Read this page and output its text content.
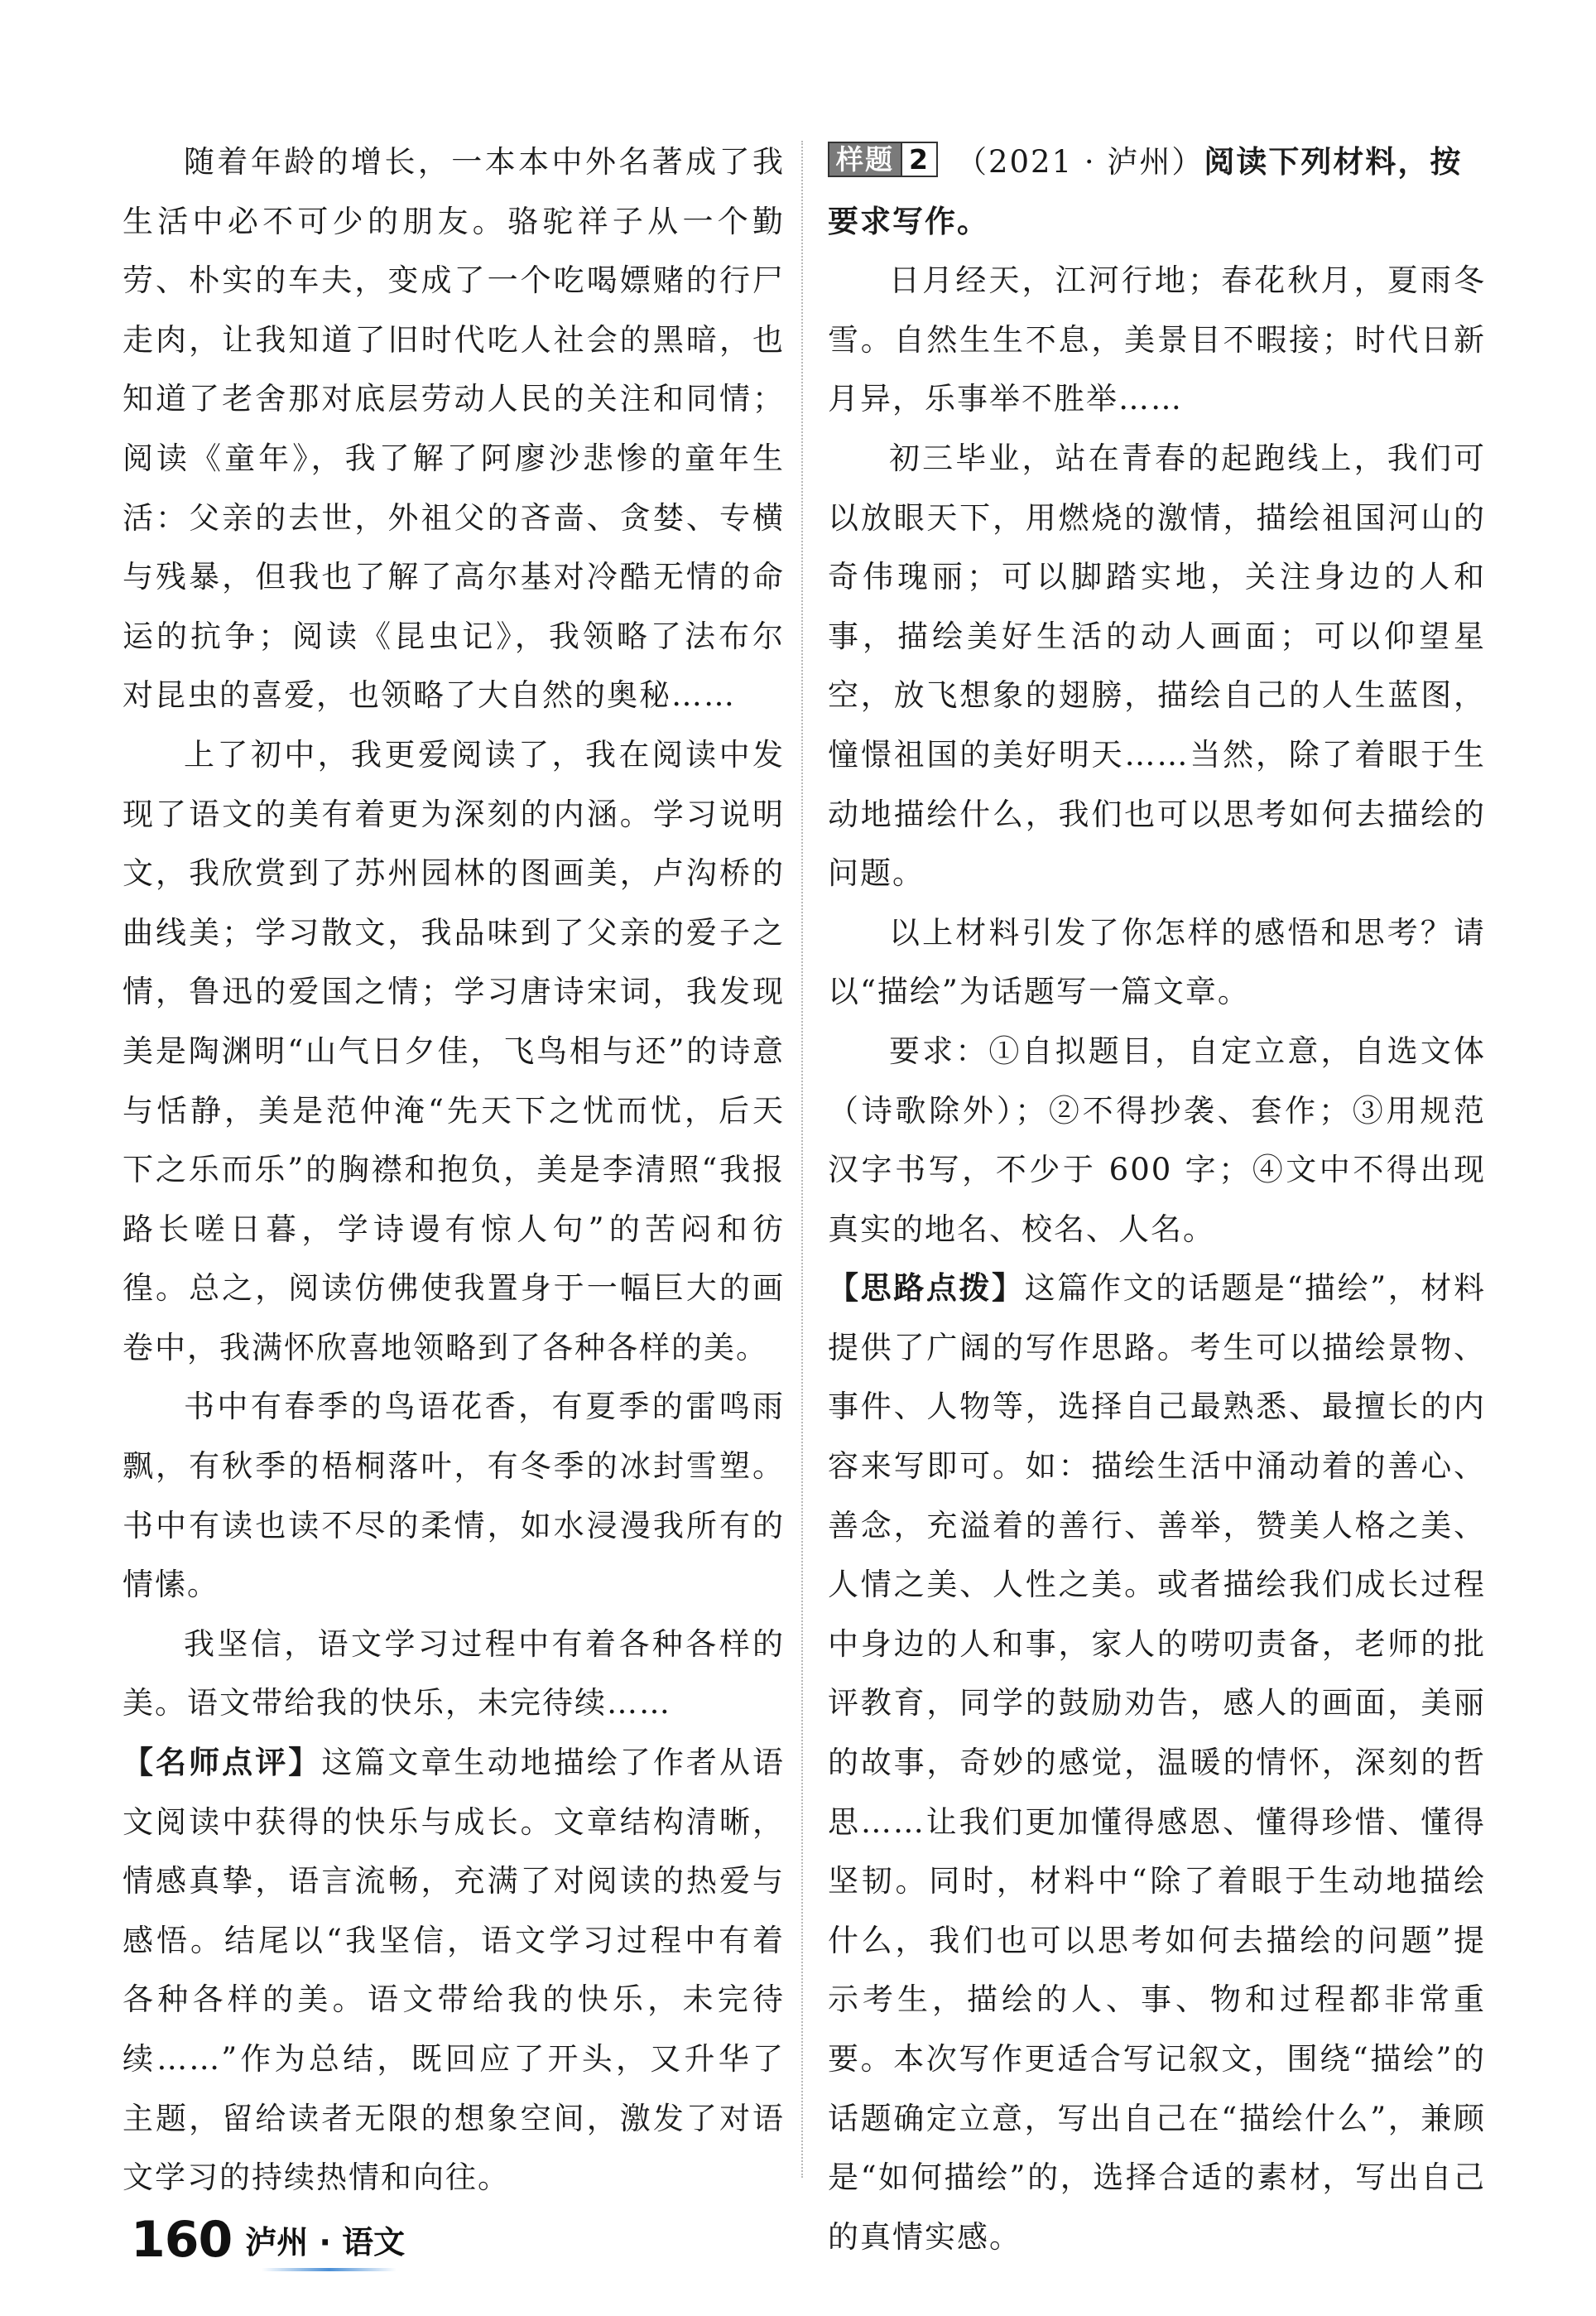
随着年龄的增长，一本本中外名著成了我生活中必不可少的朋友。骆驼祥子从一个勤劳、朴实的车夫，变成了一个吃喝嫖赌的行尸走肉，让我知道了旧时代吃人社会的黑暗，也知道了老舍那对底层劳动人民的关注和同情；阅读《童年》，我了解了阿廖沙悲惨的童年生活：父亲的去世，外祖父的吝啬、贪婪、专横与残暴，但我也了解了高尔基对冷酷无情的命运的抗争；阅读《昆虫记》，我领略了法布尔对昆虫的喜爱，也领略了大自然的奥秘……

上了初中，我更爱阅读了，我在阅读中发现了语文的美有着更为深刻的内涵。学习说明文，我欣赏到了苏州园林的图画美，卢沟桥的曲线美；学习散文，我品味到了父亲的爱子之情，鲁迅的爱国之情；学习唐诗宋词，我发现美是陶渊明“山气日夕佳，飞鸟相与还”的诗意与恬静，美是范仲淹“先天下之忧而忧，后天下之乐而乐”的胸襟和抱负，美是李清照“我报路长嗟日暮，学诗谩有惊人句”的苦闷和彷徨。总之，阅读仿佛使我置身于一幅巨大的画卷中，我满怀欣喜地领略到了各种各样的美。

书中有春季的鸟语花香，有夏季的雷鸣雨飘，有秋季的梧桐落叶，有冬季的冰封雪塑。书中有读也读不尽的柔情，如水浸漫我所有的情愫。

我坚信，语文学习过程中有着各种各样的美。语文带给我的快乐，未完待续……

【名师点评】这篇文章生动地描绘了作者从语文阅读中获得的快乐与成长。文章结构清晰，情感真挚，语言流畅，充满了对阅读的热爱与感悟。结尾以“我坚信，语文学习过程中有着各种各样的美。语文带给我的快乐，未完待续……”作为总结，既回应了开头，又升华了主题，留给读者无限的想象空间，激发了对语文学习的持续热情和向往。

样题 2 （2021 · 泸州）阅读下列材料，按要求写作。

日月经天，江河行地；春花秋月，夏雨冬雪。自然生生不息，美景目不暇接；时代日新月异，乐事举不胜举……

初三毕业，站在青春的起跑线上，我们可以放眼天下，用燃烧的激情，描绘祖国河山的奇伟瑰丽；可以脚踏实地，关注身边的人和事，描绘美好生活的动人画面；可以仰望星空，放飞想象的翅膀，描绘自己的人生蓝图，憧憬祖国的美好明天……当然，除了着眼于生动地描绘什么，我们也可以思考如何去描绘的问题。

以上材料引发了你怎样的感悟和思考？请以“描绘”为话题写一篇文章。

要求：①自拟题目，自定立意，自选文体（诗歌除外）；②不得抄袭、套作；③用规范汉字书写，不少于 600 字；④文中不得出现真实的地名、校名、人名。

【思路点拨】这篇作文的话题是“描绘”，材料提供了广阔的写作思路。考生可以描绘景物、事件、人物等，选择自己最熟悉、最擅长的内容来写即可。如：描绘生活中涌动着的善心、善念，充溢着的善行、善举，赞美人格之美、人情之美、人性之美。或者描绘我们成长过程中身边的人和事，家人的唠叨责备，老师的批评教育，同学的鼓励劝告，感人的画面，美丽的故事，奇妙的感觉，温暖的情怀，深刻的哲思……让我们更加懂得感恩、懂得珍惜、懂得坚韧。同时，材料中“除了着眼于生动地描绘什么，我们也可以思考如何去描绘的问题”提示考生，描绘的人、事、物和过程都非常重要。本次写作更适合写记叙文，围绕“描绘”的话题确定立意，写出自己在“描绘什么”，兼顾是“如何描绘”的，选择合适的素材，写出自己的真情实感。

160 泸州 · 语文
